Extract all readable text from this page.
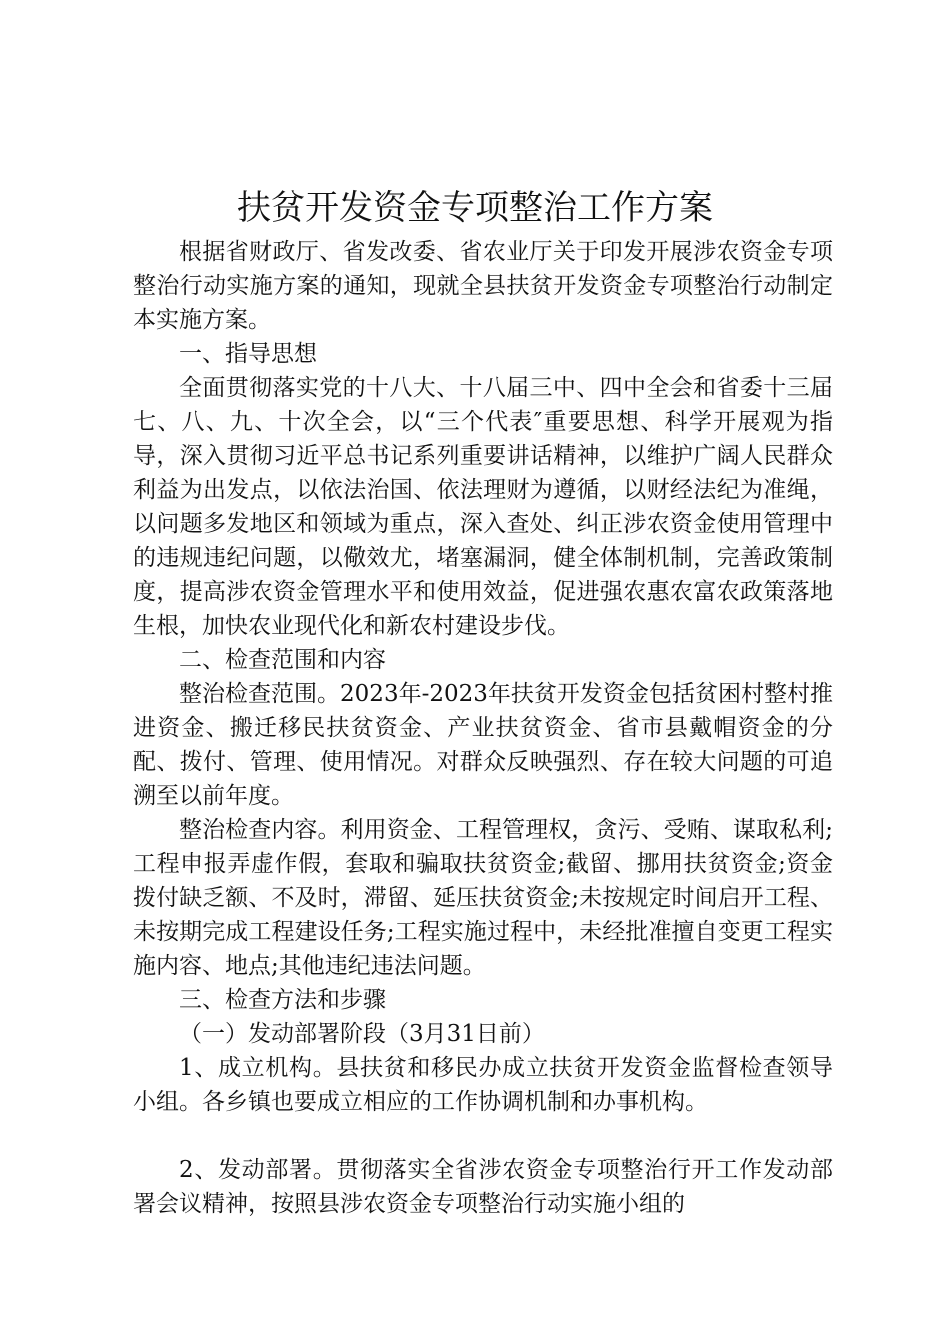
扶贫开发资金专项整治工作方案

根据省财政厅、省发改委、省农业厅关于印发开展涉农资金专项整治行动实施方案的通知，现就全县扶贫开发资金专项整治行动制定本实施方案。

一、指导思想

全面贯彻落实党的十八大、十八届三中、四中全会和省委十三届七、八、九、十次全会，以“三个代表″重要思想、科学开展观为指导，深入贯彻习近平总书记系列重要讲话精神，以维护广阔人民群众利益为出发点，以依法治国、依法理财为遵循，以财经法纪为准绳，以问题多发地区和领域为重点，深入查处、纠正涉农资金使用管理中的违规违纪问题，以儆效尤，堵塞漏洞，健全体制机制，完善政策制度，提高涉农资金管理水平和使用效益，促进强农惠农富农政策落地生根，加快农业现代化和新农村建设步伐。

二、检查范围和内容

整治检查范围。2023年-2023年扶贫开发资金包括贫困村整村推进资金、搬迁移民扶贫资金、产业扶贫资金、省市县戴帽资金的分配、拨付、管理、使用情况。对群众反映强烈、存在较大问题的可追溯至以前年度。

整治检查内容。利用资金、工程管理权，贪污、受贿、谋取私利;工程申报弄虚作假，套取和骗取扶贫资金;截留、挪用扶贫资金;资金拨付缺乏额、不及时，滞留、延压扶贫资金;未按规定时间启开工程、未按期完成工程建设任务;工程实施过程中，未经批准擅自变更工程实施内容、地点;其他违纪违法问题。

三、检查方法和步骤

（一）发动部署阶段（3月31日前）

1、成立机构。县扶贫和移民办成立扶贫开发资金监督检查领导小组。各乡镇也要成立相应的工作协调机制和办事机构。

2、发动部署。贯彻落实全省涉农资金专项整治行开工作发动部署会议精神，按照县涉农资金专项整治行动实施小组的
